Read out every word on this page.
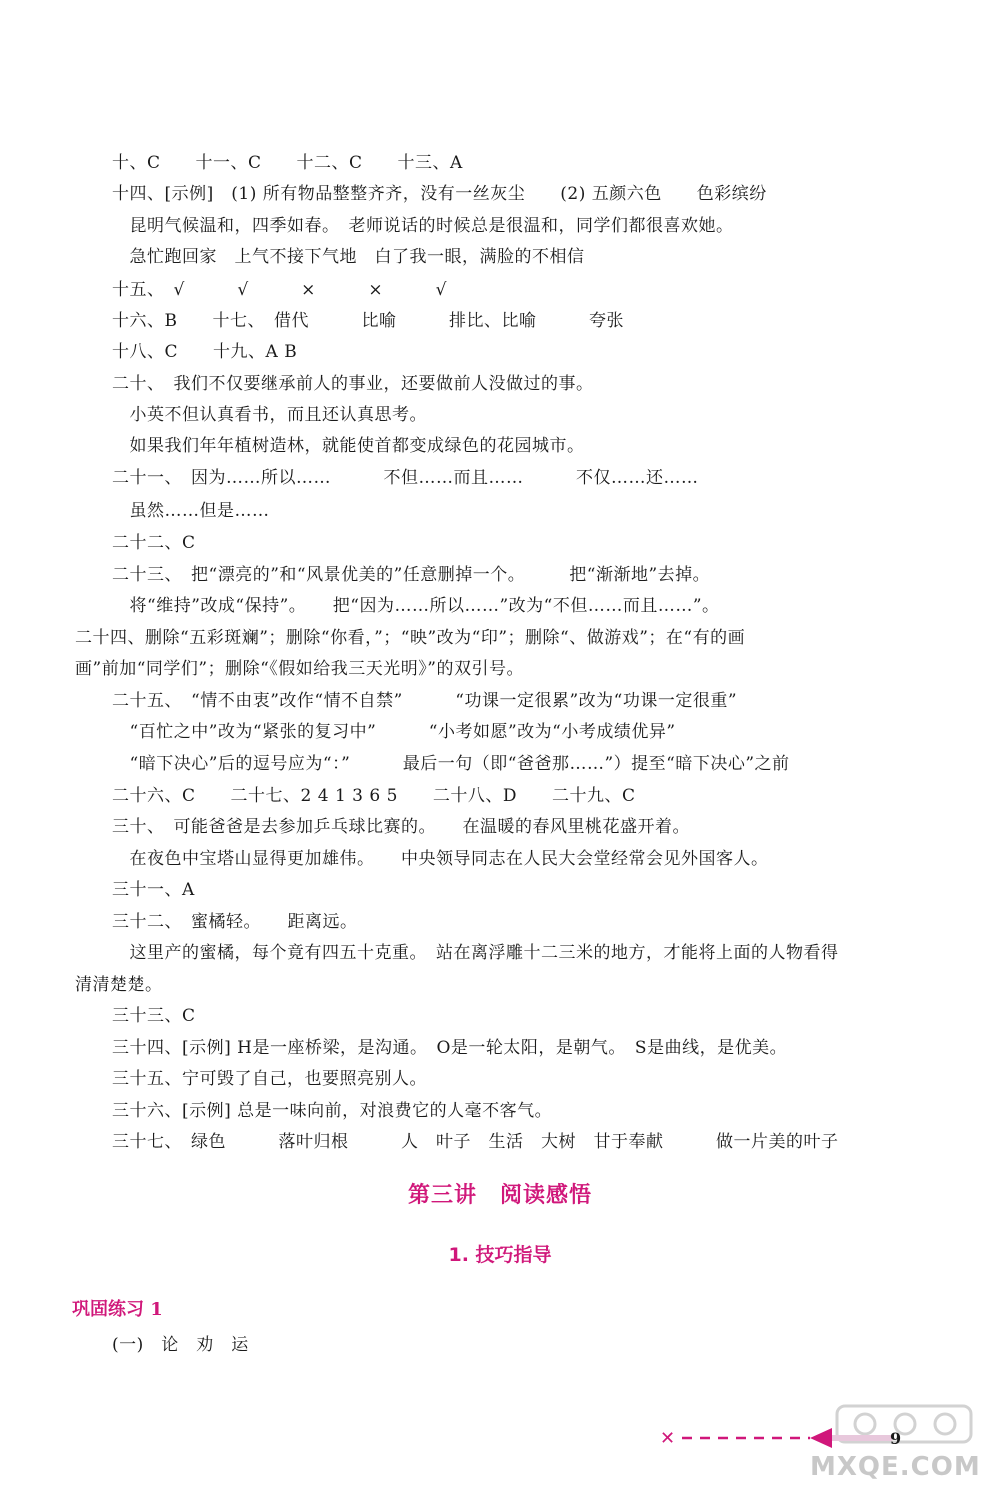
十、C　　十一、C　　十二、C　　十三、A
十四、[示例]　(1) 所有物品整整齐齐，没有一丝灰尘　　(2) 五颜六色　　色彩缤纷
　昆明气候温和，四季如春。　老师说话的时候总是很温和，同学们都很喜欢她。
　急忙跑回家　上气不接下气地　白了我一眼，满脸的不相信
十五、　√　　　√　　　×　　　×　　　√
十六、B　　十七、　借代　　　比喻　　　排比、比喻　　　夸张
十八、C　　十九、A B
二十、　我们不仅要继承前人的事业，还要做前人没做过的事。
　小英不但认真看书，而且还认真思考。
　如果我们年年植树造林，就能使首都变成绿色的花园城市。
二十一、　因为……所以……　　　不但……而且……　　　不仅……还……
　虽然……但是……
二十二、C
二十三、　把“漂亮的”和“风景优美的”任意删掉一个。　　　把“渐渐地”去掉。
　将“维持”改成“保持”。　　把“因为……所以……”改为“不但……而且……”。
二十四、删除“五彩斑斓”；删除“你看，”；“映”改为“印”；删除“、做游戏”；在“有的画
画”前加“同学们”；删除“《假如给我三天光明》”的双引号。
二十五、　“情不由衷”改作“情不自禁”　　　“功课一定很累”改为“功课一定很重”
　“百忙之中”改为“紧张的复习中”　　　“小考如愿”改为“小考成绩优异”
　“暗下决心”后的逗号应为“：”　　　最后一句（即“爸爸那……”）提至“暗下决心”之前
二十六、C　　二十七、2 4 1 3 6 5　　二十八、D　　二十九、C
三十、　可能爸爸是去参加乒乓球比赛的。　　在温暖的春风里桃花盛开着。
　在夜色中宝塔山显得更加雄伟。　　中央领导同志在人民大会堂经常会见外国客人。
三十一、A
三十二、　蜜橘轻。　　距离远。
　这里产的蜜橘，每个竟有四五十克重。　站在离浮雕十二三米的地方，才能将上面的人物看得
清清楚楚。
三十三、C
三十四、[示例] H是一座桥梁，是沟通。　O是一轮太阳，是朝气。　S是曲线，是优美。
三十五、宁可毁了自己，也要照亮别人。
三十六、[示例] 总是一味向前，对浪费它的人毫不客气。
三十七、　绿色　　　落叶归根　　　人　叶子　生活　大树　甘于奉献　　　做一片美的叶子
第三讲　阅读感悟
1. 技巧指导
巩固练习 1
(一)　论　劝　运
✕	9
MXQE.COM
